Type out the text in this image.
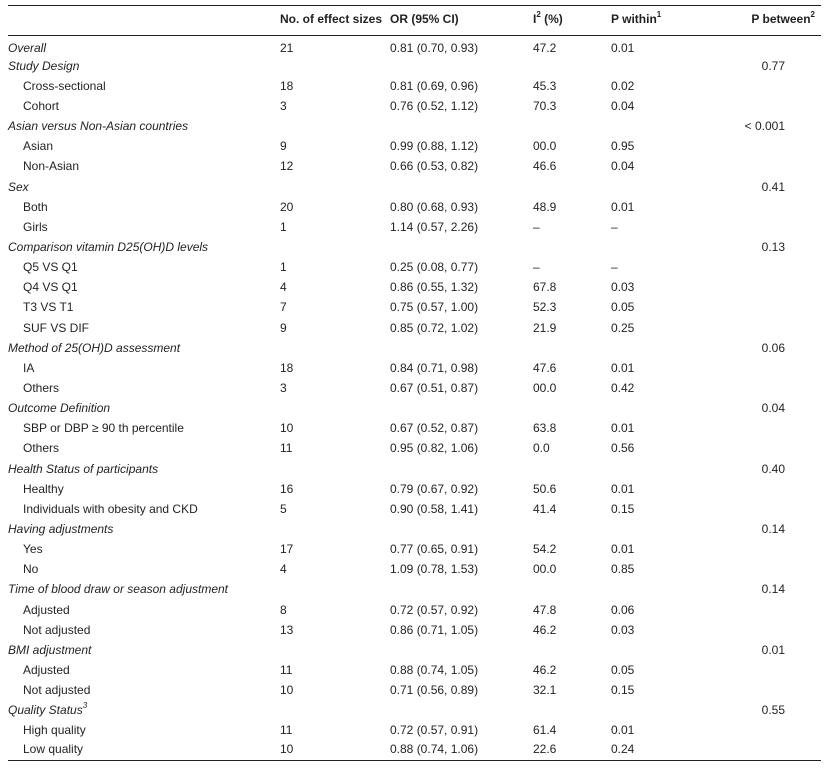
	No. of effect sizes	OR (95% CI)	$I^2$ (%)	P within$^1$	P between$^2$
Overall	21	0.81 (0.70, 0.93)	47.2	0.01	
Study Design					0.77
Cross-sectional	18	0.81 (0.69, 0.96)	45.3	0.02	
Cohort	3	0.76 (0.52, 1.12)	70.3	0.04	
Asian versus Non-Asian countries					< 0.001
Asian	9	0.99 (0.88, 1.12)	00.0	0.95	
Non-Asian	12	0.66 (0.53, 0.82)	46.6	0.04	
Sex					0.41
Both	20	0.80 (0.68, 0.93)	48.9	0.01	
Girls	1	1.14 (0.57, 2.26)	–	–	
Comparison vitamin D25(OH)D levels					0.13
Q5 VS Q1	1	0.25 (0.08, 0.77)	–	–	
Q4 VS Q1	4	0.86 (0.55, 1.32)	67.8	0.03	
T3 VS T1	7	0.75 (0.57, 1.00)	52.3	0.05	
SUF VS DIF	9	0.85 (0.72, 1.02)	21.9	0.25	
Method of 25(OH)D assessment					0.06
IA	18	0.84 (0.71, 0.98)	47.6	0.01	
Others	3	0.67 (0.51, 0.87)	00.0	0.42	
Outcome Definition					0.04
SBP or DBP ≥ 90 th percentile	10	0.67 (0.52, 0.87)	63.8	0.01	
Others	11	0.95 (0.82, 1.06)	0.0	0.56	
Health Status of participants					0.40
Healthy	16	0.79 (0.67, 0.92)	50.6	0.01	
Individuals with obesity and CKD	5	0.90 (0.58, 1.41)	41.4	0.15	
Having adjustments					0.14
Yes	17	0.77 (0.65, 0.91)	54.2	0.01	
No	4	1.09 (0.78, 1.53)	00.0	0.85	
Time of blood draw or season adjustment					0.14
Adjusted	8	0.72 (0.57, 0.92)	47.8	0.06	
Not adjusted	13	0.86 (0.71, 1.05)	46.2	0.03	
BMI adjustment					0.01
Adjusted	11	0.88 (0.74, 1.05)	46.2	0.05	
Not adjusted	10	0.71 (0.56, 0.89)	32.1	0.15	
Quality Status$^3$					0.55
High quality	11	0.72 (0.57, 0.91)	61.4	0.01	
Low quality	10	0.88 (0.74, 1.06)	22.6	0.24	
